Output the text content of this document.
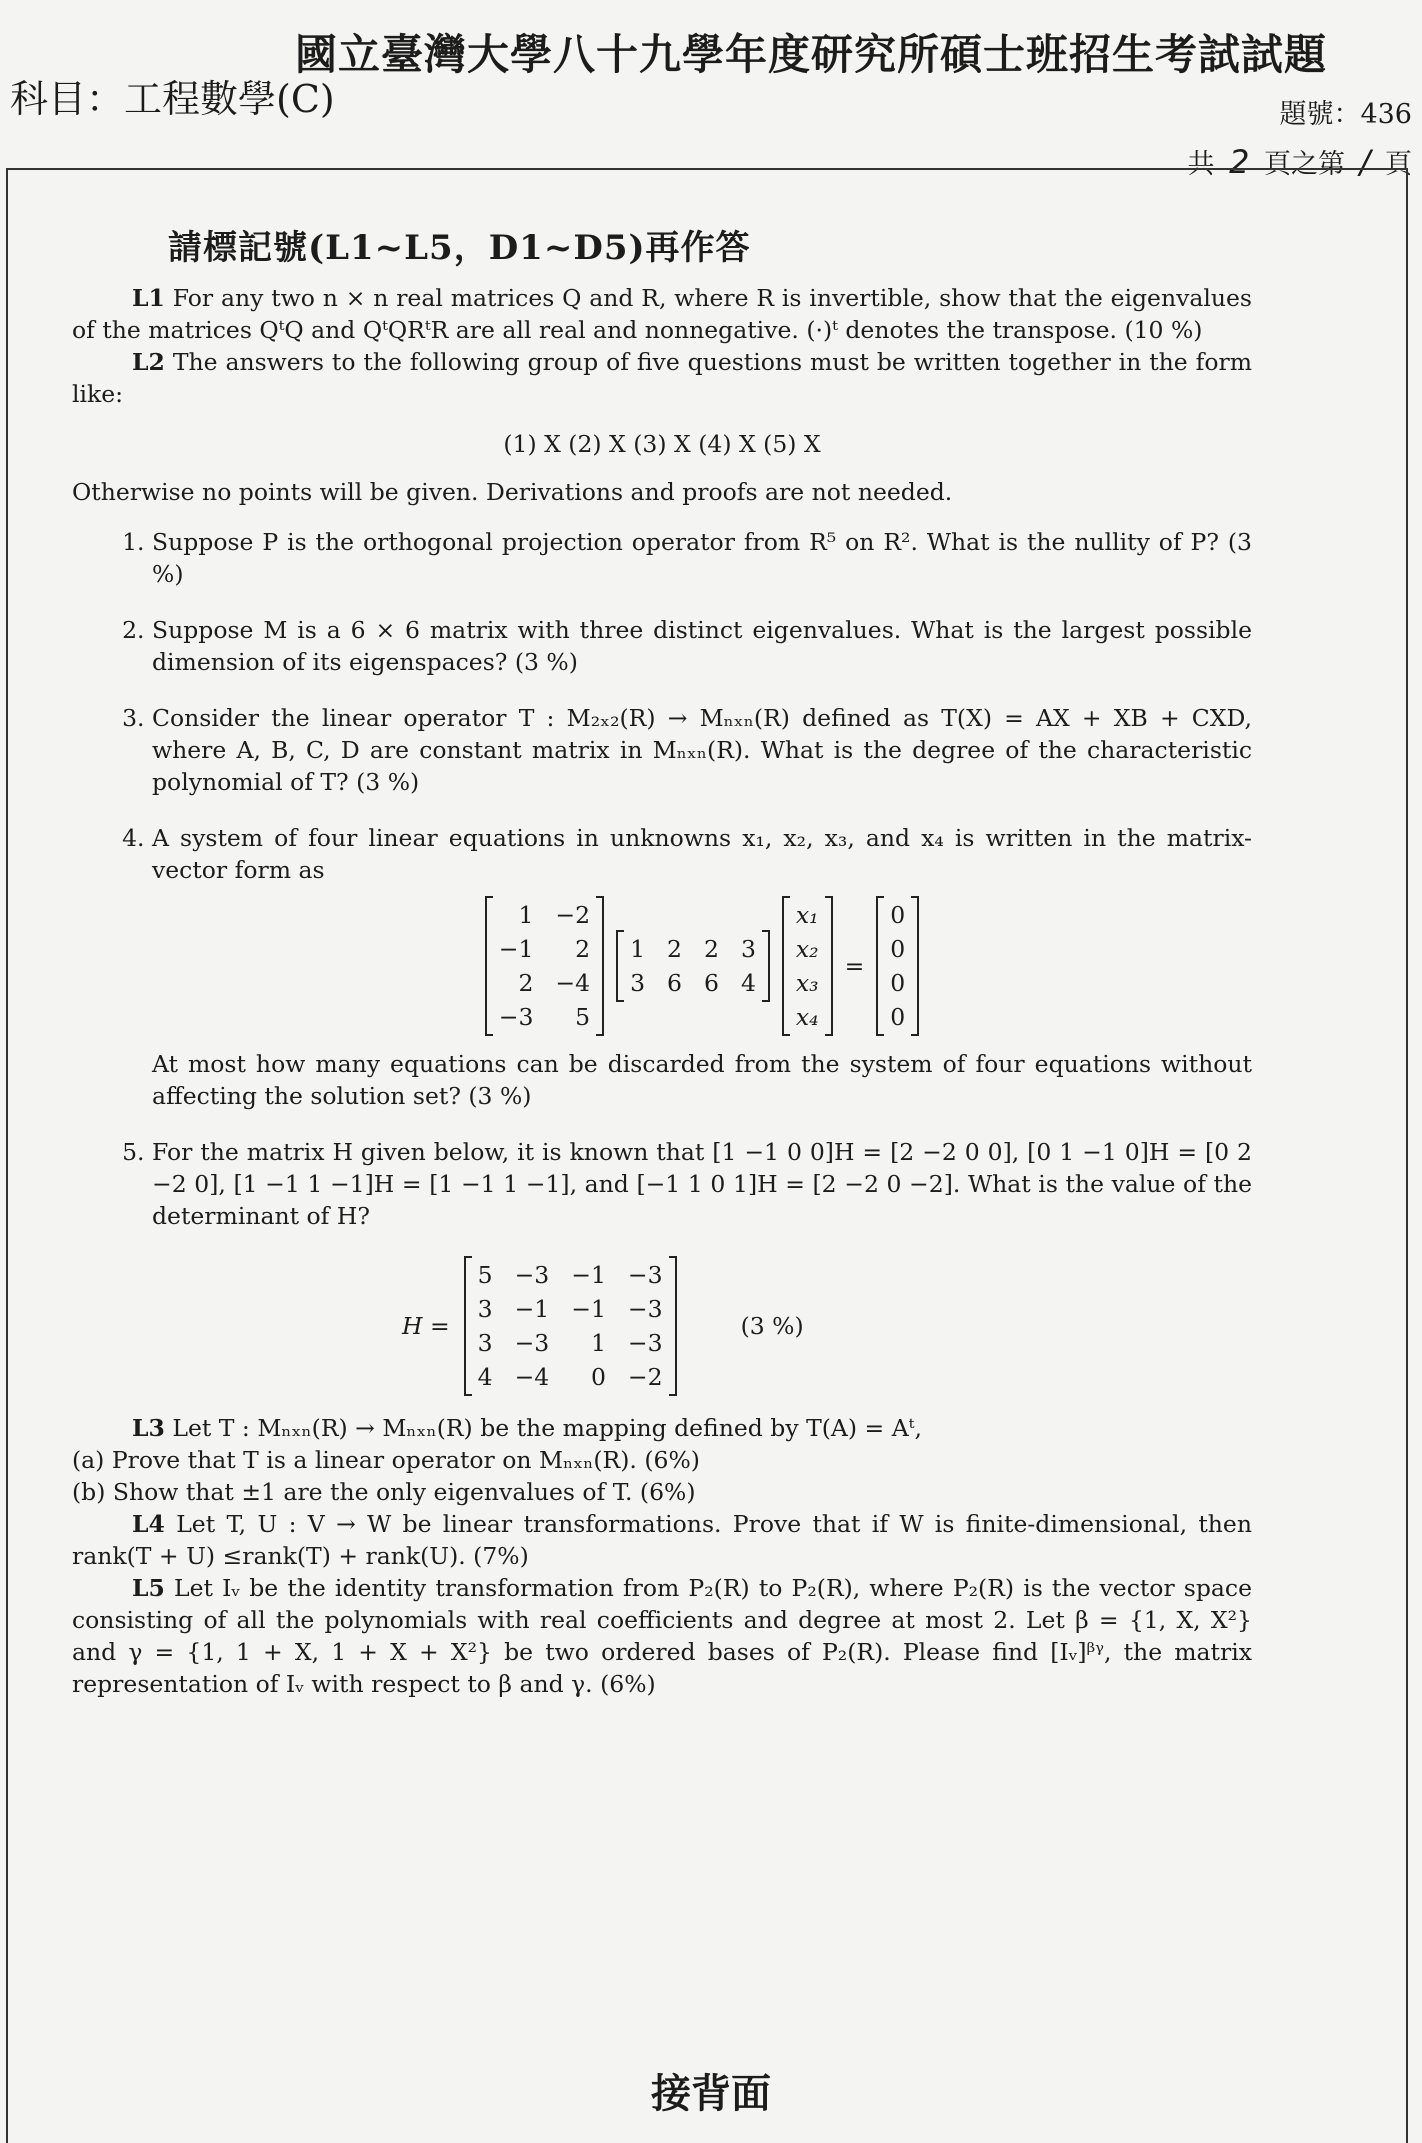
國立臺灣大學八十九學年度研究所碩士班招生考試試題
科目：工程數學(C)	題號：436
共 2 頁之第 / 頁
請標記號(L1~L5，D1~D5)再作答

L1 For any two n × n real matrices Q and R, where R is invertible, show that the eigenvalues of the matrices QᵗQ and QᵗQRᵗR are all real and nonnegative. (·)ᵗ denotes the transpose. (10 %)

L2 The answers to the following group of five questions must be written together in the form like:

(1) X (2) X (3) X (4) X (5) X

Otherwise no points will be given. Derivations and proofs are not needed.

1. Suppose P is the orthogonal projection operator from R⁵ on R². What is the nullity of P? (3 %)
2. Suppose M is a 6 × 6 matrix with three distinct eigenvalues. What is the largest possible dimension of its eigenspaces? (3 %)
3. Consider the linear operator T : M₂ₓ₂(R) → Mₙₓₙ(R) defined as T(X) = AX + XB + CXD, where A, B, C, D are constant matrix in Mₙₓₙ(R). What is the degree of the characteristic polynomial of T? (3 %)
4. A system of four linear equations in unknowns x₁, x₂, x₃, and x₄ is written in the matrix-vector form as
1 −2
−1	2
2 −4
−3	5
1 2 2 3
3 6 6 4
x₁
x₂
x₃
x₄
=
0
0
0
0
At most how many equations can be discarded from the system of four equations without affecting the solution set? (3 %)
5. For the matrix H given below, it is known that [1 −1 0 0]H = [2 −2 0 0], [0 1 −1 0]H = [0 2 −2 0], [1 −1 1 −1]H = [1 −1 1 −1], and [−1 1 0 1]H = [2 −2 0 −2]. What is the value of the determinant of H?
H =
5 −3 −1 −3
3 −1 −1 −3
3 −3	1 −3
4 −4	0 −2
(3 %)

L3 Let T : Mₙₓₙ(R) → Mₙₓₙ(R) be the mapping defined by T(A) = Aᵗ,

(a) Prove that T is a linear operator on Mₙₓₙ(R). (6%)

(b) Show that ±1 are the only eigenvalues of T. (6%)

L4 Let T, U : V → W be linear transformations. Prove that if W is finite-dimensional, then rank(T + U) ≤rank(T) + rank(U). (7%)

L5 Let Iᵥ be the identity transformation from P₂(R) to P₂(R), where P₂(R) is the vector space consisting of all the polynomials with real coefficients and degree at most 2. Let β = {1, X, X²} and γ = {1, 1 + X, 1 + X + X²} be two ordered bases of P₂(R). Please find [Iᵥ]ᵝᵞ, the matrix representation of Iᵥ with respect to β and γ. (6%)

接背面
